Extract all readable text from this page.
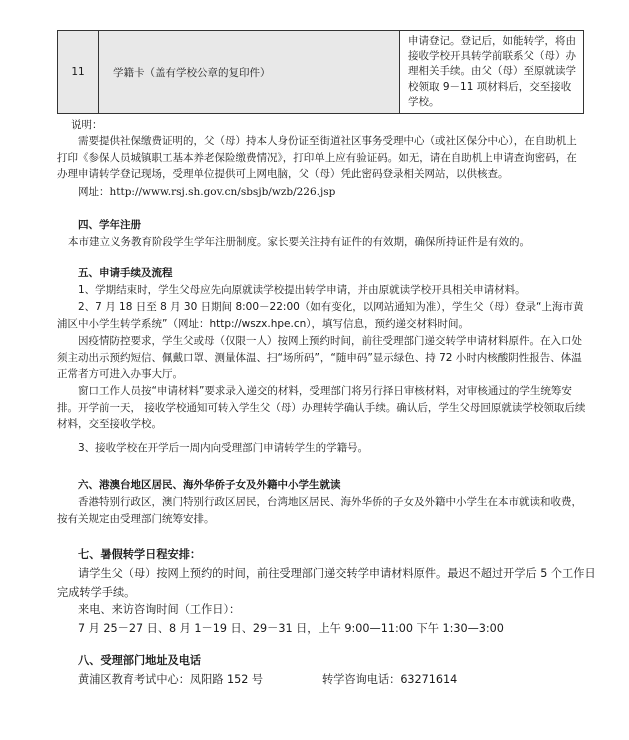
11	学籍卡（盖有学校公章的复印件）	申请登记。登记后，如能转学，将由接收学校开具转学前联系父（母）办理相关手续。由父（母）至原就读学校领取 9－11 项材料后，交至接收学校。
说明：
需要提供社保缴费证明的，父（母）持本人身份证至街道社区事务受理中心（或社区保分中心），在自助机上打印《参保人员城镇职工基本养老保险缴费情况》，打印单上应有验证码。如无，请在自助机上申请查询密码，在办理申请转学登记现场，受理单位提供可上网电脑，父（母）凭此密码登录相关网站，以供核查。
网址：http://www.rsj.sh.gov.cn/sbsjb/wzb/226.jsp
四、学年注册
本市建立义务教育阶段学生学年注册制度。家长要关注持有证件的有效期，确保所持证件是有效的。
五、申请手续及流程
1、学期结束时，学生父母应先向原就读学校提出转学申请，并由原就读学校开具相关申请材料。
2、7 月 18 日至 8 月 30 日期间 8:00－22:00（如有变化，以网站通知为准），学生父（母）登录“上海市黄浦区中小学生转学系统”（网址：http://wszx.hpe.cn），填写信息，预约递交材料时间。
因疫情防控要求，学生父或母（仅限一人）按网上预约时间，前往受理部门递交转学申请材料原件。在入口处须主动出示预约短信、佩戴口罩、测量体温、扫“场所码”，“随申码”显示绿色、持 72 小时内核酸阴性报告、体温正常者方可进入办事大厅。
窗口工作人员按“申请材料”要求录入递交的材料，受理部门将另行择日审核材料，对审核通过的学生统筹安排。开学前一天， 接收学校通知可转入学生父（母）办理转学确认手续。确认后，学生父母回原就读学校领取后续材料，交至接收学校。
3、接收学校在开学后一周内向受理部门申请转学生的学籍号。
六、港澳台地区居民、海外华侨子女及外籍中小学生就读
香港特别行政区，澳门特别行政区居民，台湾地区居民、海外华侨的子女及外籍中小学生在本市就读和收费，按有关规定由受理部门统筹安排。
七、暑假转学日程安排：
请学生父（母）按网上预约的时间，前往受理部门递交转学申请材料原件。最迟不超过开学后 5 个工作日完成转学手续。
来电、来访咨询时间（工作日）：
7 月 25－27 日、8 月 1－19 日、29－31 日，上午 9:00—11:00 下午 1:30—3:00
八、受理部门地址及电话
黄浦区教育考试中心：凤阳路 152 号	转学咨询电话：63271614
